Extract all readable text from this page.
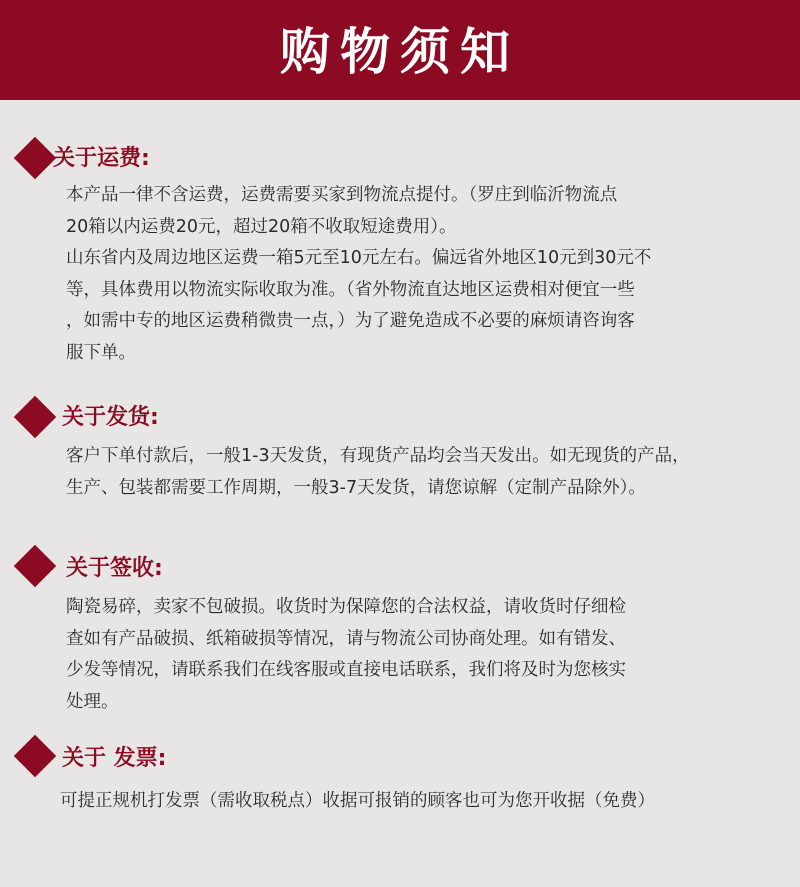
购物须知
关于运费:
本产品一律不含运费，运费需要买家到物流点提付。（罗庄到临沂物流点
20箱以内运费20元，超过20箱不收取短途费用）。
山东省内及周边地区运费一箱5元至10元左右。偏远省外地区10元到30元不
等，具体费用以物流实际收取为准。（省外物流直达地区运费相对便宜一些
，如需中专的地区运费稍微贵一点，）为了避免造成不必要的麻烦请咨询客
服下单。
关于发货:
客户下单付款后，一般1-3天发货，有现货产品均会当天发出。如无现货的产品，
生产、包装都需要工作周期，一般3-7天发货，请您谅解（定制产品除外）。
关于签收:
陶瓷易碎，卖家不包破损。收货时为保障您的合法权益，请收货时仔细检
查如有产品破损、纸箱破损等情况，请与物流公司协商处理。如有错发、
少发等情况，请联系我们在线客服或直接电话联系，我们将及时为您核实
处理。
关于 发票:
可提正规机打发票（需收取税点）收据可报销的顾客也可为您开收据（免费）
